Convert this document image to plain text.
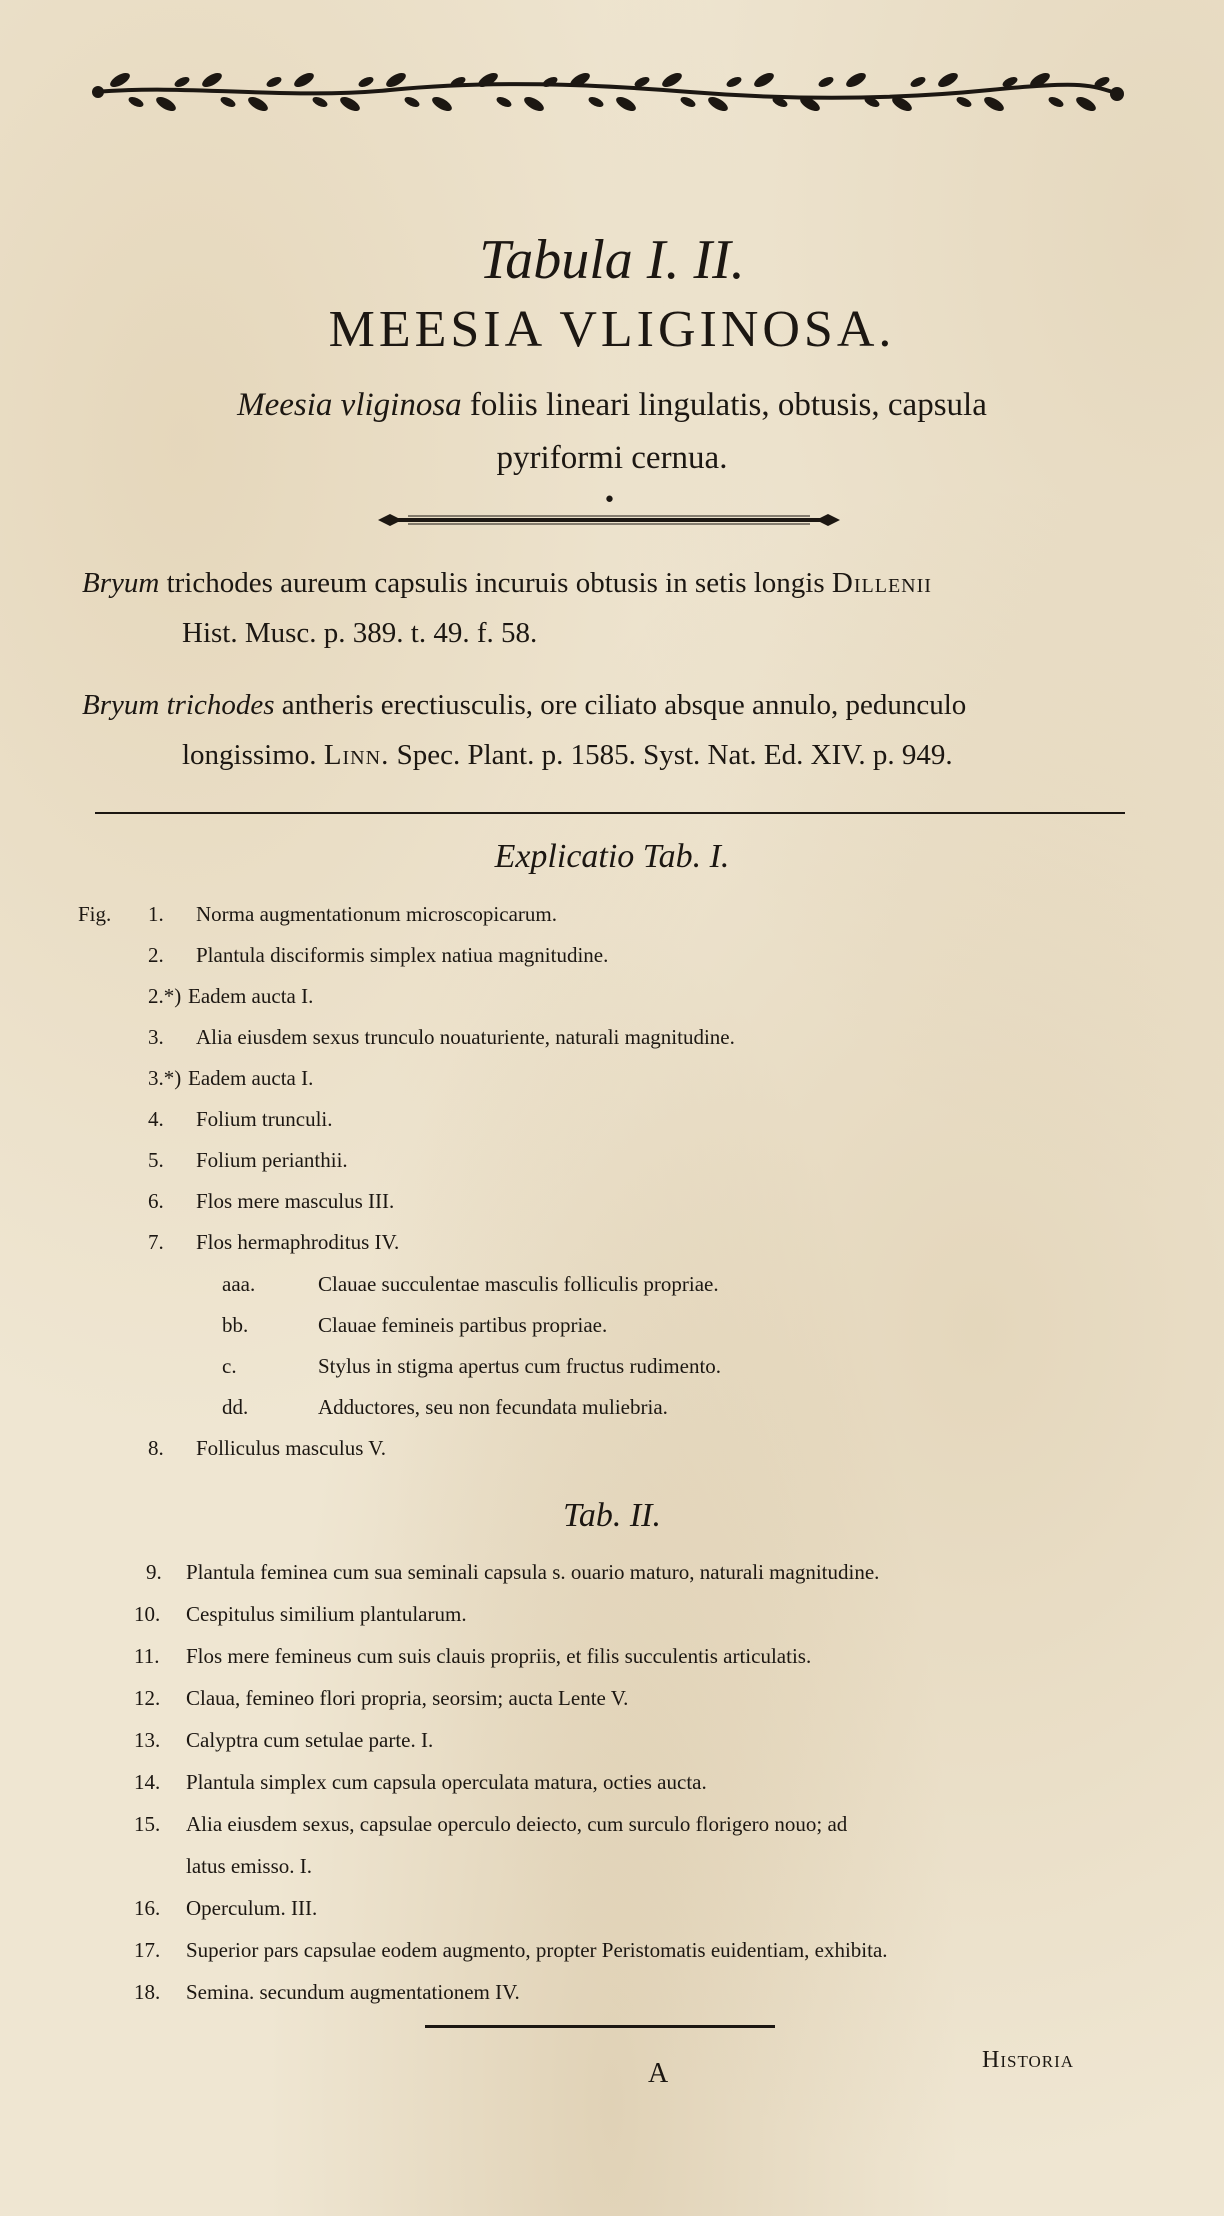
Tabula I. II.
MEESIA VLIGINOSA.
Meesia vliginosa foliis lineari lingulatis, obtusis, capsula
pyriformi cernua.
•
Bryum trichodes aureum capsulis incuruis obtusis in setis longis Dillenii
Hist. Musc. p. 389. t. 49. f. 58.
Bryum trichodes antheris erectiusculis, ore ciliato absque annulo, pedunculo
longissimo. Linn. Spec. Plant. p. 1585. Syst. Nat. Ed. XIV. p. 949.
Explicatio Tab. I.
Fig. 1. Norma augmentationum microscopicarum.
2. Plantula disciformis simplex natiua magnitudine.
2.*) Eadem aucta I.
3. Alia eiusdem sexus trunculo nouaturiente, naturali magnitudine.
3.*) Eadem aucta I.
4. Folium trunculi.
5. Folium perianthii.
6. Flos mere masculus III.
7. Flos hermaphroditus IV.
aaa.	Clauae succulentae masculis folliculis propriae.
bb.	Clauae femineis partibus propriae.
c.	Stylus in stigma apertus cum fructus rudimento.
dd.	Adductores, seu non fecundata muliebria.
8. Folliculus masculus V.
Tab. II.
9. Plantula feminea cum sua seminali capsula s. ouario maturo, naturali magnitudine.
10. Cespitulus similium plantularum.
11. Flos mere femineus cum suis clauis propriis, et filis succulentis articulatis.
12. Claua, femineo flori propria, seorsim; aucta Lente V.
13. Calyptra cum setulae parte. I.
14. Plantula simplex cum capsula operculata matura, octies aucta.
15. Alia eiusdem sexus, capsulae operculo deiecto, cum surculo florigero nouo; ad
latus emisso. I.
16. Operculum. III.
17. Superior pars capsulae eodem augmento, propter Peristomatis euidentiam, exhibita.
18. Semina. secundum augmentationem IV.
A	Historia
